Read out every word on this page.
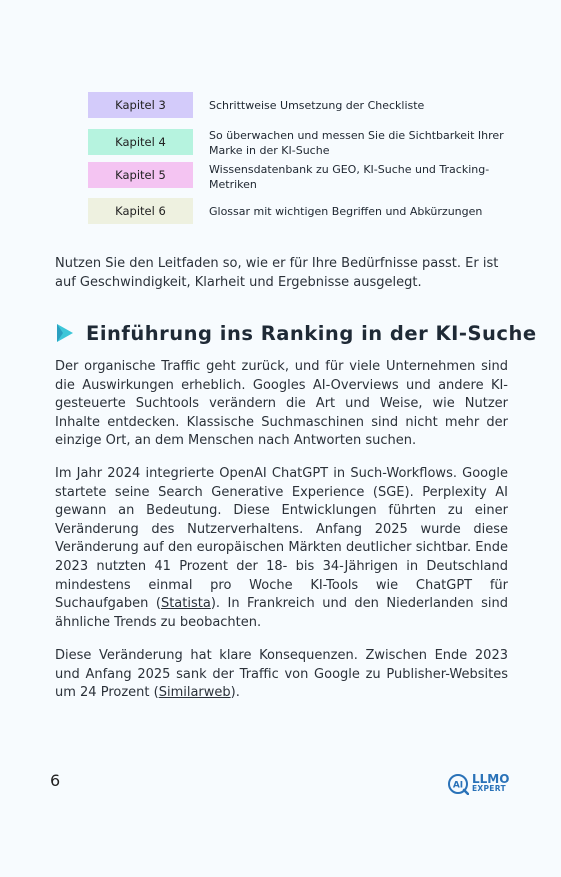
Kapitel 3	Schrittweise Umsetzung der Checkliste
Kapitel 4	So überwachen und messen Sie die Sichtbarkeit Ihrer Marke in der KI-Suche
Kapitel 5	Wissensdatenbank zu GEO, KI-Suche und Tracking-Metriken
Kapitel 6	Glossar mit wichtigen Begriffen und Abkürzungen

Nutzen Sie den Leitfaden so, wie er für Ihre Bedürfnisse passt. Er ist auf Geschwindigkeit, Klarheit und Ergebnisse ausgelegt.

Einführung ins Ranking in der KI-Suche

Der organische Traffic geht zurück, und für viele Unternehmen sind die Auswirkungen erheblich. Googles AI-Overviews und andere KI-gesteuerte Suchtools verändern die Art und Weise, wie Nutzer Inhalte entdecken. Klassische Suchmaschinen sind nicht mehr der einzige Ort, an dem Menschen nach Antworten suchen.

Im Jahr 2024 integrierte OpenAI ChatGPT in Such-Workflows. Google startete seine Search Generative Experience (SGE). Perplexity AI gewann an Bedeutung. Diese Entwicklungen führten zu einer Veränderung des Nutzerverhaltens. Anfang 2025 wurde diese Veränderung auf den europäischen Märkten deutlicher sichtbar. Ende 2023 nutzten 41 Prozent der 18- bis 34-Jährigen in Deutschland mindestens einmal pro Woche KI-Tools wie ChatGPT für Suchaufgaben (Statista). In Frankreich und den Niederlanden sind ähnliche Trends zu beobachten.

Diese Veränderung hat klare Konsequenzen. Zwischen Ende 2023 und Anfang 2025 sank der Traffic von Google zu Publisher-Websites um 24 Prozent (Similarweb).

6	AI LLMO
EXPERT
